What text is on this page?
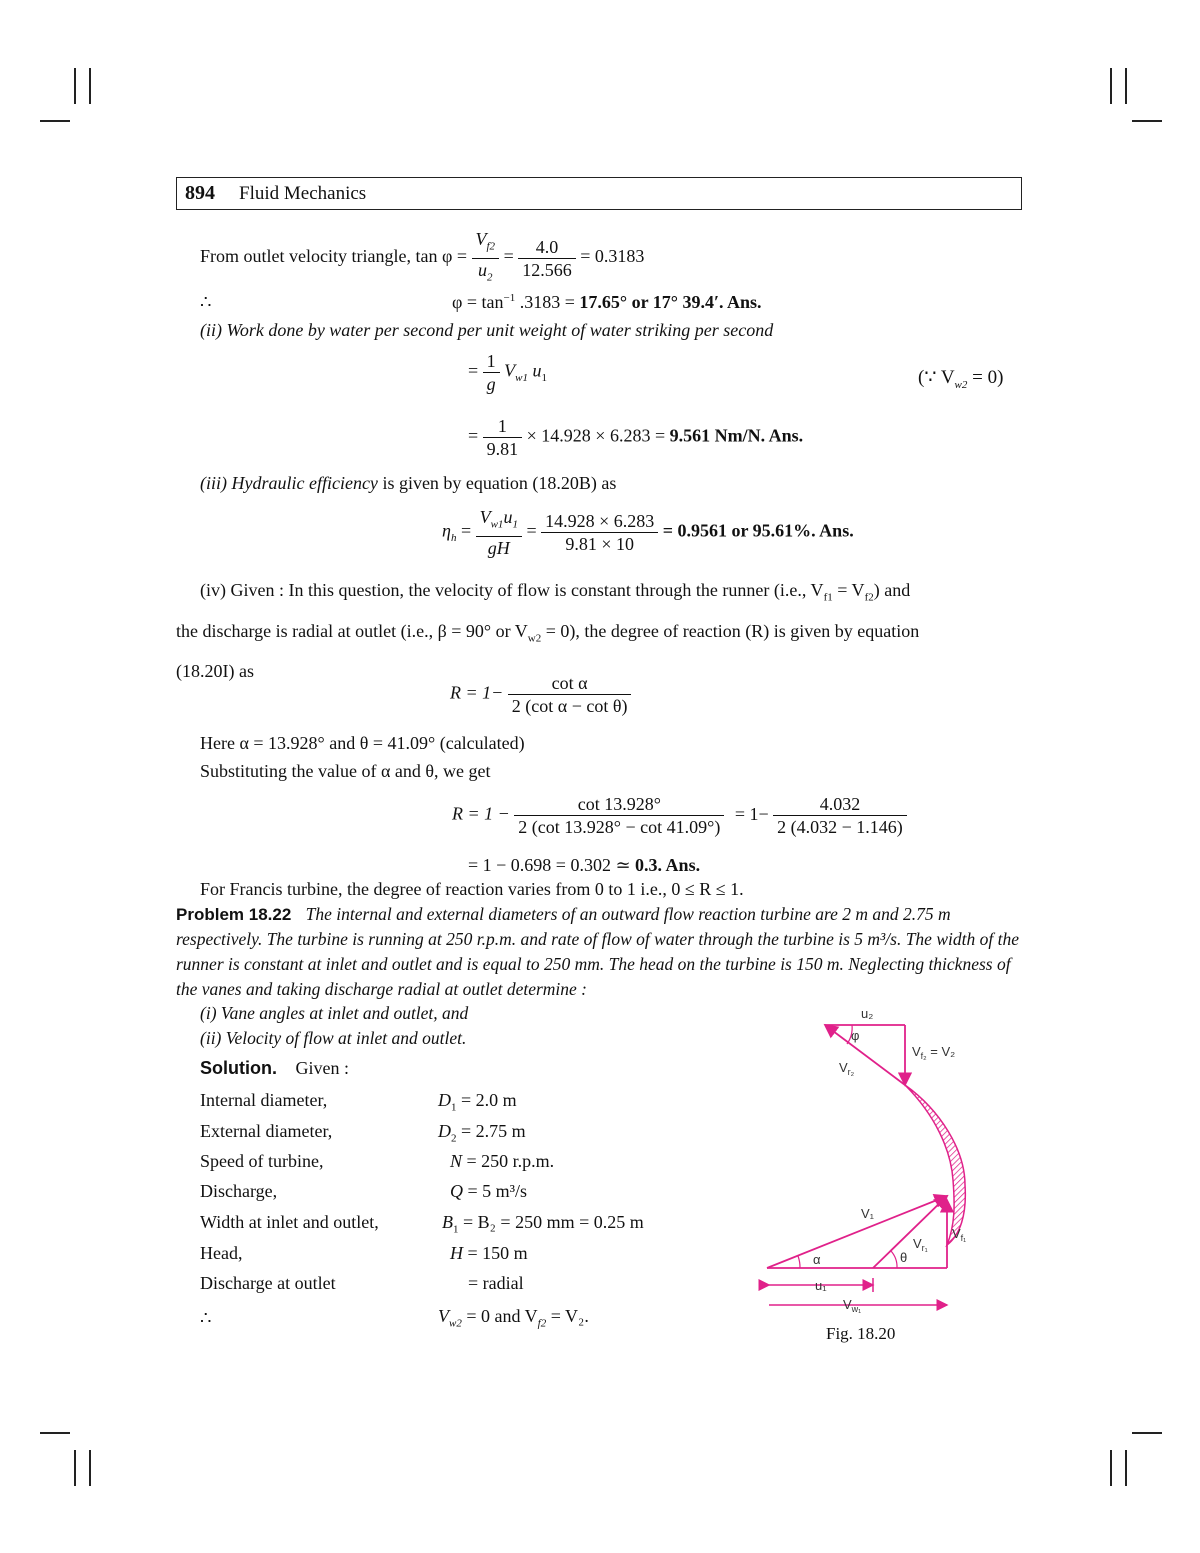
894 Fluid Mechanics
From outlet velocity triangle, $\tan \varphi = \frac{V_{f2}}{u_2} = \frac{4.0}{12.566} = 0.3183$
∴	$\varphi = \tan^{-1} .3183 = 17.65^\circ$ or 17° 39.4′. Ans.
(ii) Work done by water per second per unit weight of water striking per second
= $\frac{1}{g} V_{w1}$ $u_1$	(∵ $V_{w2} = 0$)
= $\frac{1}{9.81} \times 14.928 \times 6.283 = 9.561$ Nm/N. Ans.
(iii) Hydraulic efficiency is given by equation (18.20B) as
$\eta_h = \frac{V_{w1}u_1}{gH} = \frac{14.928 \times 6.283}{9.81 \times 10} = 0.9561$ or 95.61%. Ans.
(iv) Given : In this question, the velocity of flow is constant through the runner (i.e., $V_{f1} = V_{f2}$) and
the discharge is radial at outlet (i.e., β = 90° or $V_{w2} = 0$), the degree of reaction (R) is given by equation
(18.20I) as
$R = 1- \frac{\text{cot α}}{\text{2 (cot α − cot θ)}}$
Here α = 13.928° and θ = 41.09° (calculated)
Substituting the value of α and θ, we get
$R = 1 - \frac{\cot 13.928^\circ}{2 (\cot 13.928^\circ - \cot 41.09^\circ)} = 1- \frac{4.032}{2 (4.032 - 1.146)}$
= 1 − 0.698 = 0.302 ≃ 0.3. Ans.
For Francis turbine, the degree of reaction varies from 0 to 1 i.e., 0 ≤ R ≤ 1.
Problem 18.22 The internal and external diameters of an outward flow reaction turbine are 2 m and 2.75 m respectively. The turbine is running at 250 r.p.m. and rate of flow of water through the turbine is 5 m³/s. The width of the runner is constant at inlet and outlet and is equal to 250 mm. The head on the turbine is 150 m. Neglecting thickness of the vanes and taking discharge radial at outlet determine :
(i) Vane angles at inlet and outlet, and
(ii) Velocity of flow at inlet and outlet.
Solution. Given :
Internal diameter,	$D_1 = 2.0$ m
External diameter,	$D_2 = 2.75$ m
Speed of turbine,	N = 250 r.p.m.
Discharge,	Q = 5 m³/s
Width at inlet and outlet,	$B_1 = B_2 = 250$ mm = 0.25 m
Head,	H = 150 m
Discharge at outlet	= radial
∴	$V_{w2} = 0$ and $V_{f2} = V_2$.
u₂
φ
$V_{f_2} = V_2$
$V_{r_2}$
V₁
$V_{r_1}$
$V_{f_1}$
α	θ
u₁
$V_{w_1}$
Fig. 18.20
